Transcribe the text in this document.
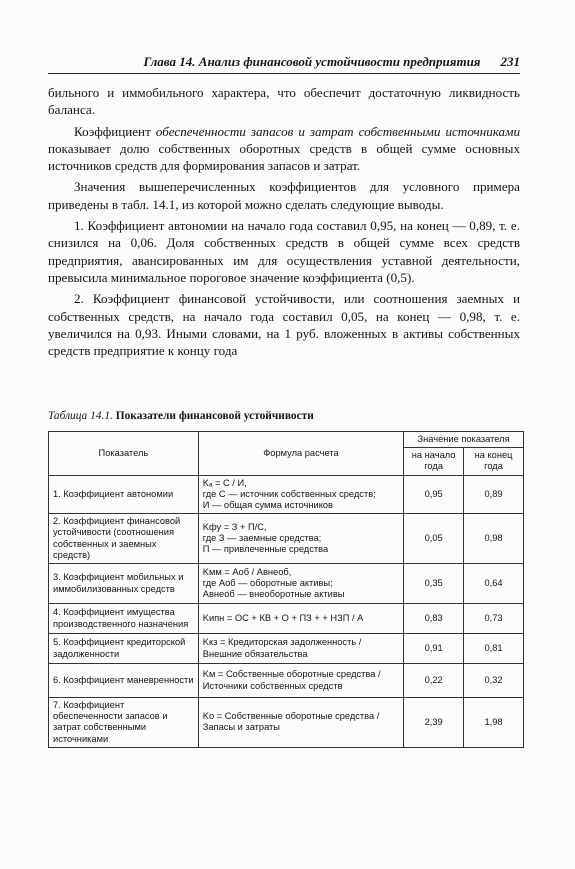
Глава 14. Анализ финансовой устойчивости предприятия 231

бильного и иммобильного характера, что обеспечит достаточную ликвидность баланса.

Коэффициент обеспеченности запасов и затрат собственными источниками показывает долю собственных оборотных средств в общей сумме основных источников средств для формирования запасов и затрат.

Значения вышеперечисленных коэффициентов для условного примера приведены в табл. 14.1, из которой можно сделать следующие выводы.

1. Коэффициент автономии на начало года составил 0,95, на конец — 0,89, т. е. снизился на 0,06. Доля собственных средств в общей сумме всех средств предприятия, авансированных им для осуществления уставной деятельности, превысила минимальное пороговое значение коэффициента (0,5).

2. Коэффициент финансовой устойчивости, или соотношения заемных и собственных средств, на начало года составил 0,05, на конец — 0,98, т. е. увеличился на 0,93. Иными словами, на 1 руб. вложенных в активы собственных средств предприятие к концу года

Таблица 14.1. Показатели финансовой устойчивости
Показатель	Формула расчета	Значение показателя	
		на начало года	на конец года
1. Коэффициент автономии	Kₐ = С / И,
где С — источник собственных средств;
И — общая сумма источников	0,95	0,89
2. Коэффициент финансовой устойчивости (соотношения собственных и заемных средств)	Kфу = З + П/С,
где З — заемные средства;
П — привлеченные средства	0,05	0,98
3. Коэффициент мобильных и иммобилизованных средств	Kмм = Aоб / Aвнеоб,
где Aоб — оборотные активы;
Aвнеоб — внеоборотные активы	0,35	0,64
4. Коэффициент имущества производственного назначения	Kипн = ОС + КВ + О + ПЗ + + НЗП / А	0,83	0,73
5. Коэффициент кредиторской задолженности	Kкз = Кредиторская задолженность / Внешние обязательства	0,91	0,81
6. Коэффициент маневренности	Kм = Собственные оборотные средства / Источники собственных средств	0,22	0,32
7. Коэффициент обеспеченности запасов и затрат собственными источниками	Kо = Собственные оборотные средства / Запасы и затраты	2,39	1,98
